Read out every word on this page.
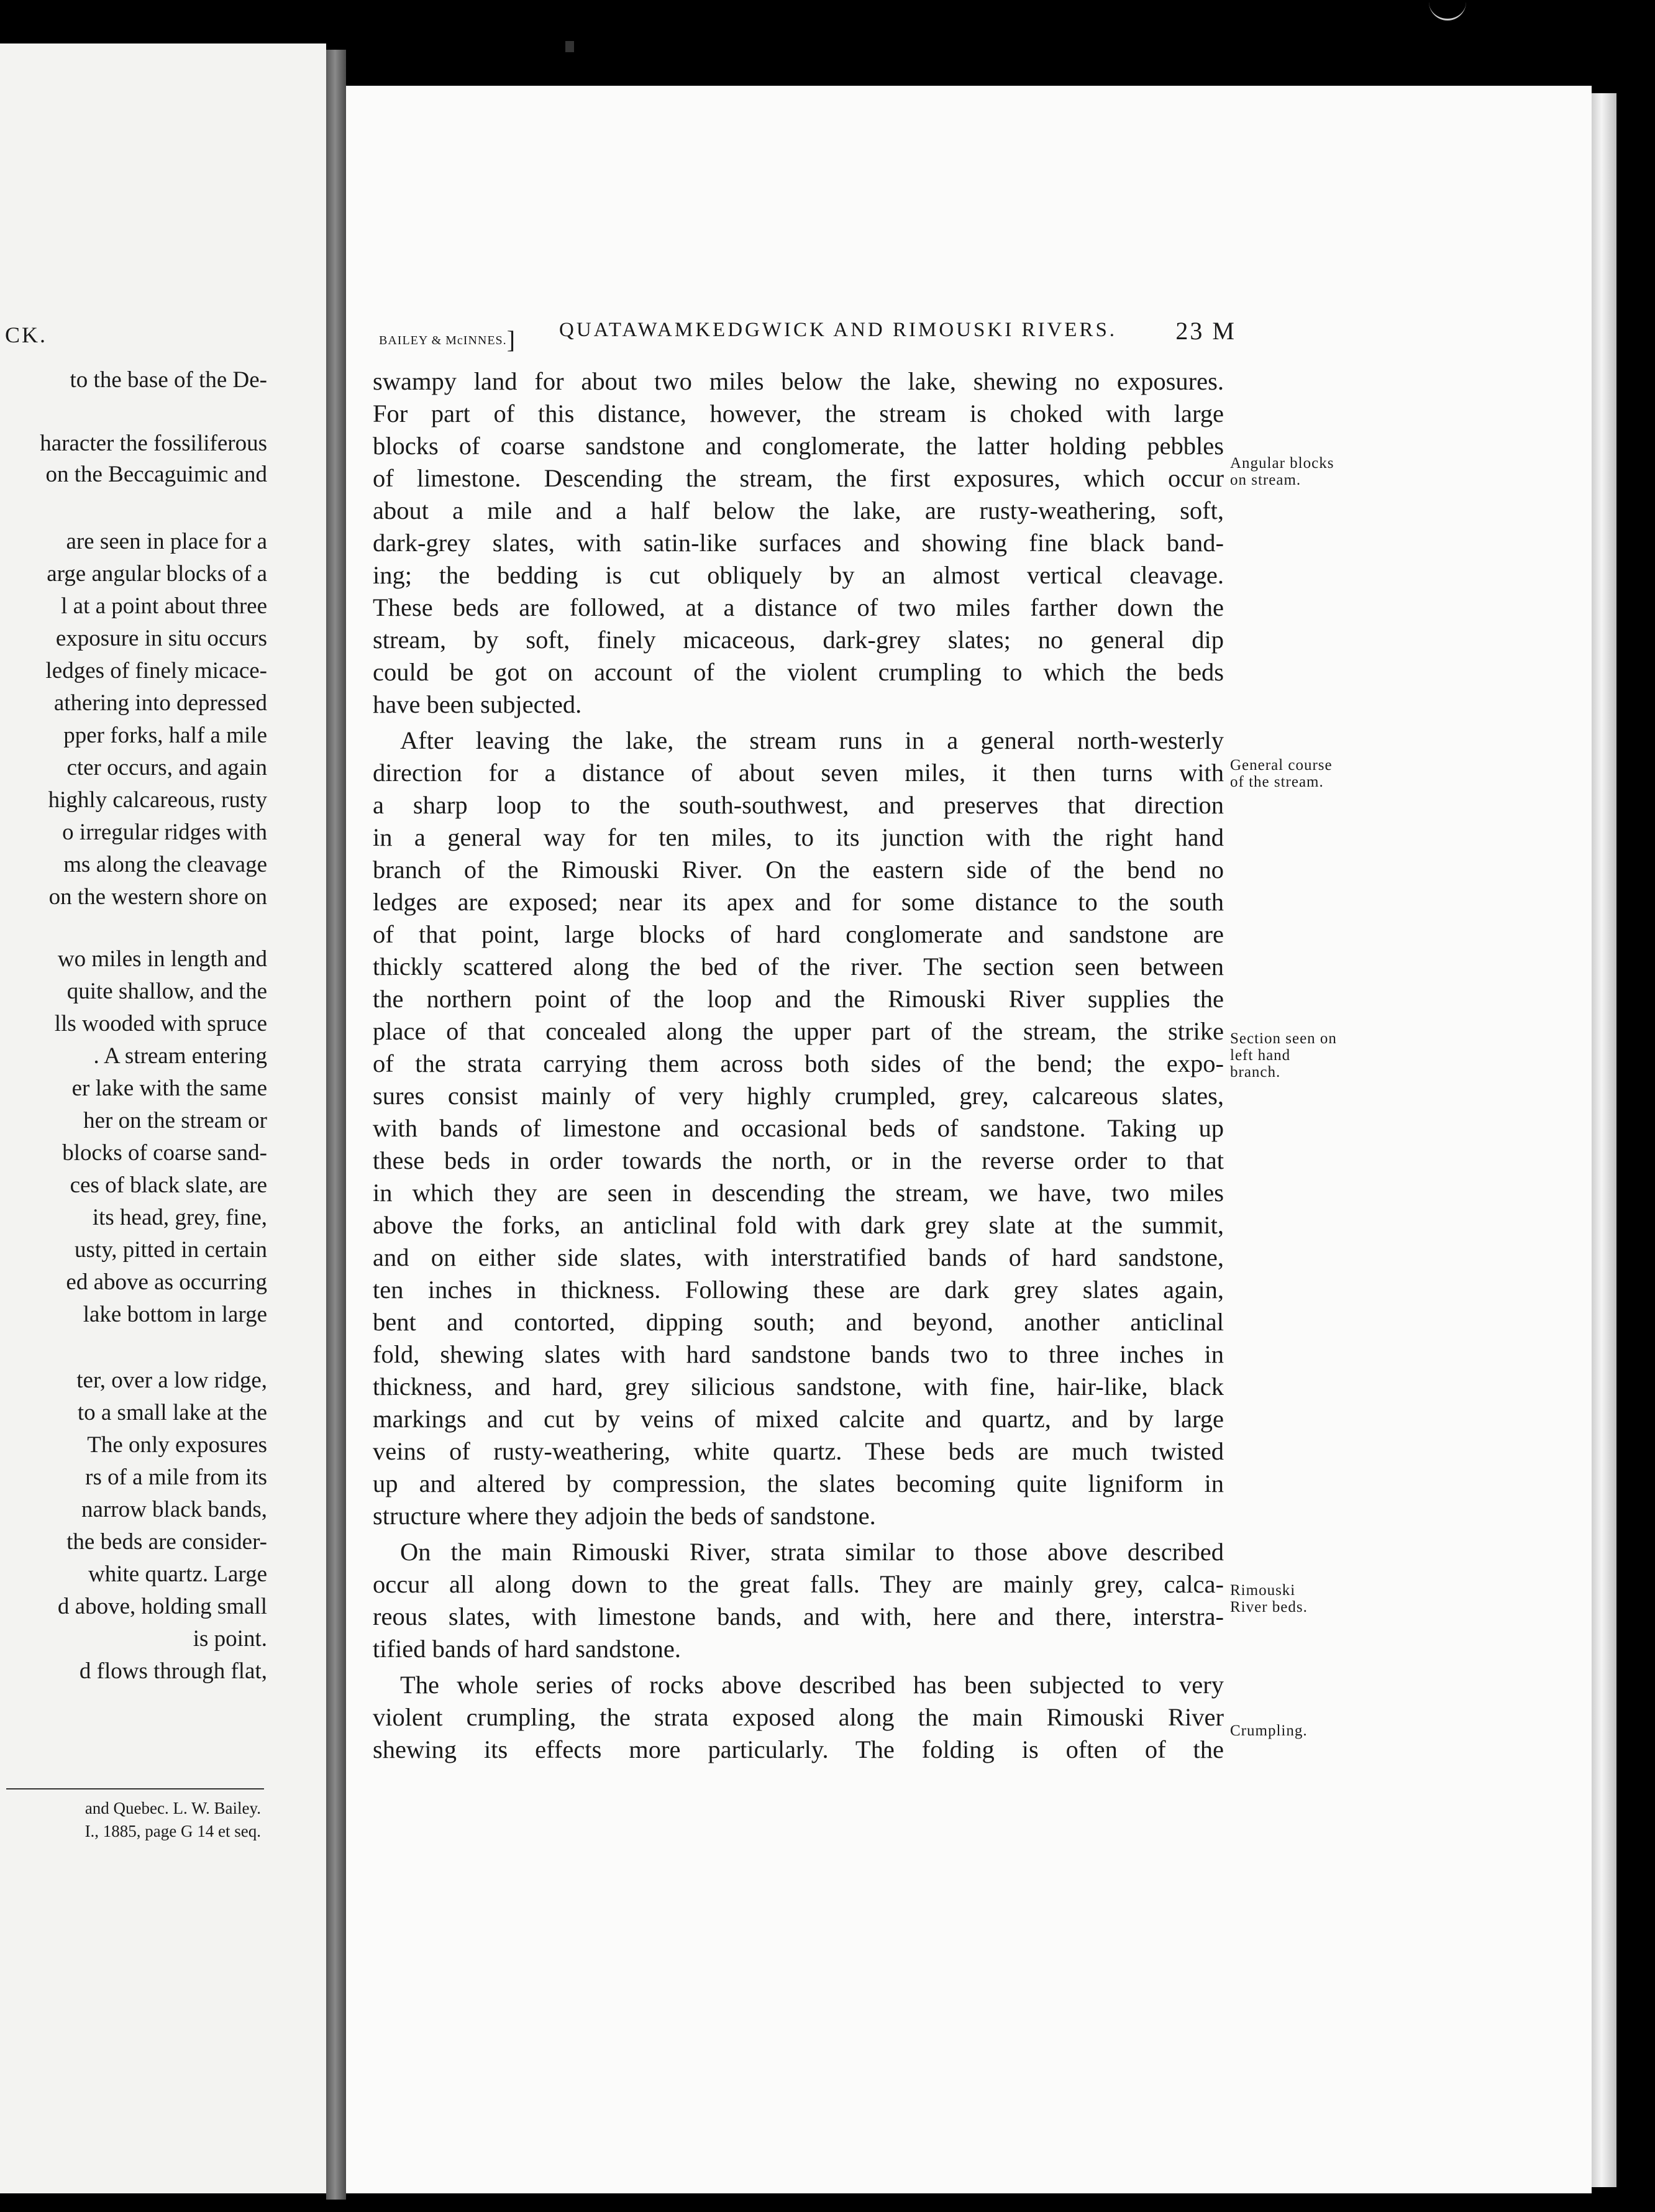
CK.
to the base of the De-
haracter the fossiliferous
on the Beccaguimic and
are seen in place for a
arge angular blocks of a
l at a point about three
exposure in situ occurs
ledges of finely micace-
athering into depressed
pper forks, half a mile
cter occurs, and again
highly calcareous, rusty
o irregular ridges with
ms along the cleavage
on the western shore on
wo miles in length and
quite shallow, and the
lls wooded with spruce
. A stream entering
er lake with the same
her on the stream or
blocks of coarse sand-
ces of black slate, are
its head, grey, fine,
usty, pitted in certain
ed above as occurring
lake bottom in large
ter, over a low ridge,
to a small lake at the
The only exposures
rs of a mile from its
narrow black bands,
the beds are consider-
white quartz. Large
d above, holding small
is point.
d flows through flat,
and Quebec. L. W. Bailey.
I., 1885, page G 14 et seq.
BAILEY & McINNES.] QUATAWAMKEDGWICK AND RIMOUSKI RIVERS. 23 M
swampy land for about two miles below the lake, shewing no exposures.
For part of this distance, however, the stream is choked with large
blocks of coarse sandstone and conglomerate, the latter holding pebbles
of limestone. Descending the stream, the first exposures, which occur
about a mile and a half below the lake, are rusty-weathering, soft,
dark-grey slates, with satin-like surfaces and showing fine black band-
ing; the bedding is cut obliquely by an almost vertical cleavage.
These beds are followed, at a distance of two miles farther down the
stream, by soft, finely micaceous, dark-grey slates; no general dip
could be got on account of the violent crumpling to which the beds
have been subjected.
After leaving the lake, the stream runs in a general north-westerly
direction for a distance of about seven miles, it then turns with
a sharp loop to the south-southwest, and preserves that direction
in a general way for ten miles, to its junction with the right hand
branch of the Rimouski River. On the eastern side of the bend no
ledges are exposed; near its apex and for some distance to the south
of that point, large blocks of hard conglomerate and sandstone are
thickly scattered along the bed of the river. The section seen between
the northern point of the loop and the Rimouski River supplies the
place of that concealed along the upper part of the stream, the strike
of the strata carrying them across both sides of the bend; the expo-
sures consist mainly of very highly crumpled, grey, calcareous slates,
with bands of limestone and occasional beds of sandstone. Taking up
these beds in order towards the north, or in the reverse order to that
in which they are seen in descending the stream, we have, two miles
above the forks, an anticlinal fold with dark grey slate at the summit,
and on either side slates, with interstratified bands of hard sandstone,
ten inches in thickness. Following these are dark grey slates again,
bent and contorted, dipping south; and beyond, another anticlinal
fold, shewing slates with hard sandstone bands two to three inches in
thickness, and hard, grey silicious sandstone, with fine, hair-like, black
markings and cut by veins of mixed calcite and quartz, and by large
veins of rusty-weathering, white quartz. These beds are much twisted
up and altered by compression, the slates becoming quite ligniform in
structure where they adjoin the beds of sandstone.
On the main Rimouski River, strata similar to those above described
occur all along down to the great falls. They are mainly grey, calca-
reous slates, with limestone bands, and with, here and there, interstra-
tified bands of hard sandstone.
The whole series of rocks above described has been subjected to very
violent crumpling, the strata exposed along the main Rimouski River
shewing its effects more particularly. The folding is often of the
Angular blocks
on stream.
General course
of the stream.
Section seen on
left hand
branch.
Rimouski
River beds.
Crumpling.
